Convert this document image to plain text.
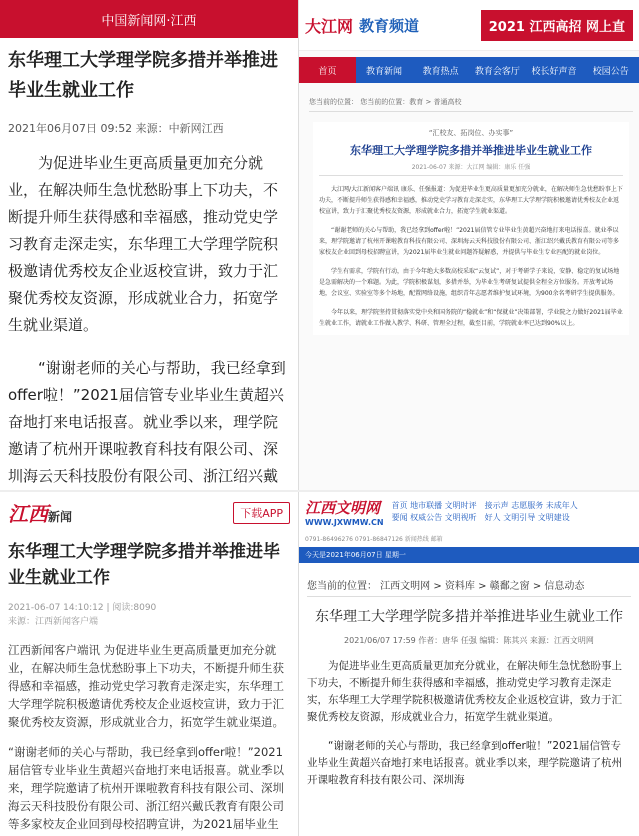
中国新闻网·江西
东华理工大学理学院多措并举推进毕业生就业工作
2021年06月07日 09:52 来源：中新网江西
为促进毕业生更高质量更加充分就业，在解决师生急忧愁盼事上下功夫，不断提升师生获得感和幸福感，推动党史学习教育走深走实，东华理工大学理学院积极邀请优秀校友企业返校宣讲，致力于汇聚优秀校友资源，形成就业合力，拓宽学生就业渠道。
“谢谢老师的关心与帮助，我已经拿到offer啦！”2021届信管专业毕业生黄超兴奋地打来电话报喜。就业季以来，理学院邀请了杭州开课啦教育科技有限公司、深圳海云天科技股份有限公司、浙江绍兴戴
大江网 教育频道	2021 江西高招 网上直
首页	教育新闻	教育热点	教育会客厅	校长好声音	校园公告
您当前的位置： 您当前的位置：教育 > 普通高校
“汇校友、拓岗位、办实事”
东华理工大学理学院多措并举推进毕业生就业工作
2021-06-07 来源：大江网 编辑：康乐 任强
大江网/大江新闻客户端讯 康乐、任强报道：为促进毕业生更高质量更加充分就业，在解决师生急忧愁盼事上下功夫，不断提升师生获得感和幸福感，推动党史学习教育走深走实，东华理工大学理学院积极邀请优秀校友企业返校宣讲，致力于汇聚优秀校友资源，形成就业合力，拓宽学生就业渠道。
“谢谢老师的关心与帮助，我已经拿到offer啦！”2021届信管专业毕业生黄超兴奋地打来电话报喜。就业季以来，理学院邀请了杭州开课啦教育科技有限公司、深圳海云天科技股份有限公司、浙江绍兴戴氏教育有限公司等多家校友企业回到母校招聘宣讲，为2021届毕业生就业问题答疑解惑，并提供与毕业生专业匹配的就业岗位。
学生有需求，学院有行动，由于今年绝大多数高校采取“云复试”，对于考研学子来说，安静、稳定的复试场地是急需解决的一个难题。为此，学院积极谋划，多措并举，为毕业生考研复试提供全程全方位服务。开放考试场地，会议室、实验室等多个场地，配置网络设施，组织青年志愿者维护复试环境，为900余名考研学生提供服务。
今年以来，理学院坚持贯彻落实党中央和国务院的“稳就业”和“保就业”决策部署，学业院之力做好2021届毕业生就业工作，请就业工作做入教学、科研、管理全过程，截至目前，学院就业率已达到90%以上。
江西新闻	下载APP
东华理工大学理学院多措并举推进毕业生就业工作
2021-06-07 14:10:12 | 阅读:8090
来源：江西新闻客户端
江西新闻客户端讯 为促进毕业生更高质量更加充分就业，在解决师生急忧愁盼事上下功夫，不断提升师生获得感和幸福感，推动党史学习教育走深走实，东华理工大学理学院积极邀请优秀校友企业返校宣讲，致力于汇聚优秀校友资源，形成就业合力，拓宽学生就业渠道。
“谢谢老师的关心与帮助，我已经拿到offer啦！”2021届信管专业毕业生黄超兴奋地打来电话报喜。就业季以来，理学院邀请了杭州开课啦教育科技有限公司、深圳海云天科技股份有限公司、浙江绍兴戴氏教育有限公司等多家校友企业回到母校招聘宣讲，为2021届毕业生
江西文明网
WWW.JXWMW.CN
首页 地市联播 文明时评
要闻 权威公告 文明视听
接示声 志愿服务 未成年人
好人 文明引导 文明建设
0791-86496276 0791-86847126 新闻热线 邮箱
今天是2021年06月07日 星期一
您当前的位置： 江西文明网 > 资料库 > 赣鄱之窗 > 信息动态
东华理工大学理学院多措并举推进毕业生就业工作
2021/06/07 17:59 作者：唐华 任强 编辑：陈其兴 来源：江西文明网
为促进毕业生更高质量更加充分就业，在解决师生急忧愁盼事上下功夫，不断提升师生获得感和幸福感，推动党史学习教育走深走实，东华理工大学理学院积极邀请优秀校友企业返校宣讲，致力于汇聚优秀校友资源，形成就业合力，拓宽学生就业渠道。
“谢谢老师的关心与帮助，我已经拿到offer啦！”2021届信管专业毕业生黄超兴奋地打来电话报喜。就业季以来，理学院邀请了杭州开课啦教育科技有限公司、深圳海
